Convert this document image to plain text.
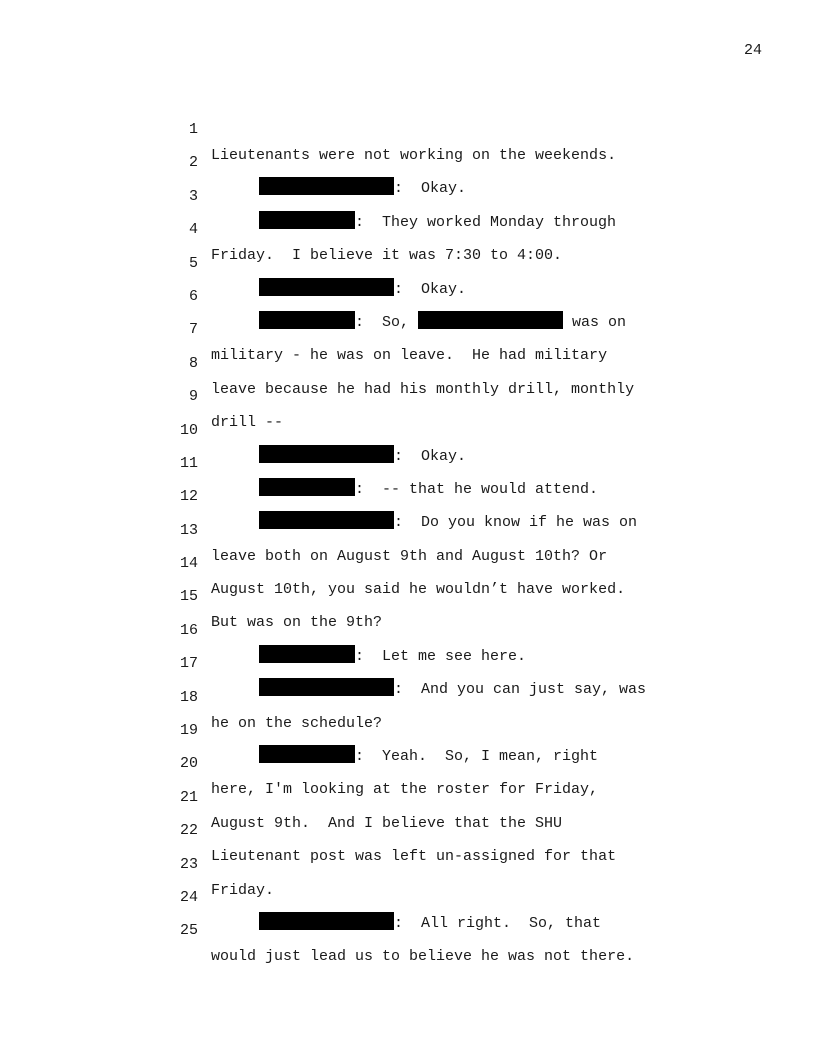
24

1

Lieutenants were not working on the weekends.

2

:  Okay.

3

:  They worked Monday through

4

Friday.  I believe it was 7:30 to 4:00.

5

:  Okay.

6

:  So,	was on

7

military - he was on leave.  He had military

8

leave because he had his monthly drill, monthly

9

drill --

10

:  Okay.

11

:  -- that he would attend.

12

:  Do you know if he was on

13

leave both on August 9th and August 10th? Or

14

August 10th, you said he wouldn’t have worked.

15

But was on the 9th?

16

:  Let me see here.

17

:  And you can just say, was

18

he on the schedule?

19

:  Yeah.  So, I mean, right

20

here, I'm looking at the roster for Friday,

21

August 9th.  And I believe that the SHU

22

Lieutenant post was left un-assigned for that

23

Friday.

24

:  All right.  So, that

25

would just lead us to believe he was not there.
